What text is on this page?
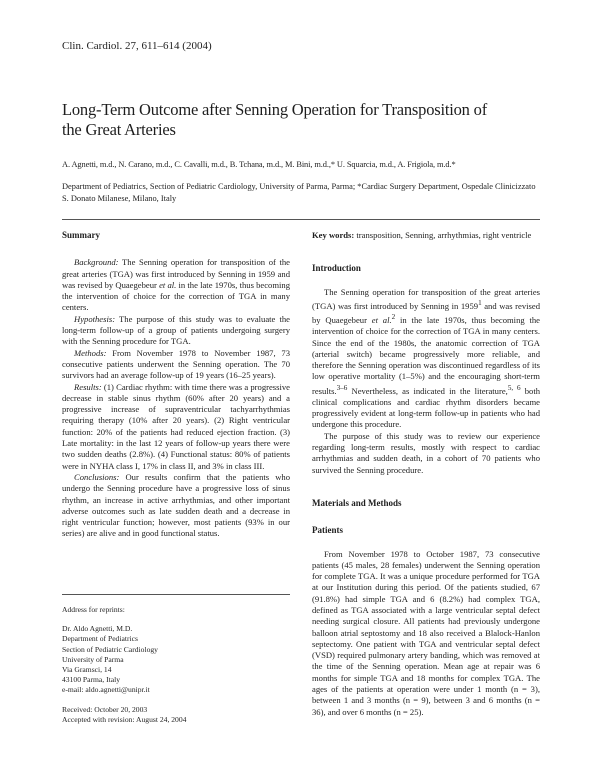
Clin. Cardiol. 27, 611–614 (2004)
Long-Term Outcome after Senning Operation for Transposition of
the Great Arteries
A. Agnetti, m.d., N. Carano, m.d., C. Cavalli, m.d., B. Tchana, m.d., M. Bini, m.d.,* U. Squarcia, m.d., A. Frigiola, m.d.*
Department of Pediatrics, Section of Pediatric Cardiology, University of Parma, Parma; *Cardiac Surgery Department, Ospedale Clinicizzato S. Donato Milanese, Milano, Italy
Summary

Background: The Senning operation for transposition of the great arteries (TGA) was first introduced by Senning in 1959 and was revised by Quaegebeur et al. in the late 1970s, thus becoming the intervention of choice for the correction of TGA in many centers.

Hypothesis: The purpose of this study was to evaluate the long-term follow-up of a group of patients undergoing surgery with the Senning procedure for TGA.

Methods: From November 1978 to November 1987, 73 consecutive patients underwent the Senning operation. The 70 survivors had an average follow-up of 19 years (16–25 years).

Results: (1) Cardiac rhythm: with time there was a progressive decrease in stable sinus rhythm (60% after 20 years) and a progressive increase of supraventricular tachyarrhythmias requiring therapy (10% after 20 years). (2) Right ventricular function: 20% of the patients had reduced ejection fraction. (3) Late mortality: in the last 12 years of follow-up years there were two sudden deaths (2.8%). (4) Functional status: 80% of patients were in NYHA class I, 17% in class II, and 3% in class III.

Conclusions: Our results confirm that the patients who undergo the Senning procedure have a progressive loss of sinus rhythm, an increase in active arrhythmias, and other important adverse outcomes such as late sudden death and a decrease in right ventricular function; however, most patients (93% in our series) are alive and in good functional status.

Address for reprints:

Dr. Aldo Agnetti, M.D.

Department of Pediatrics

Section of Pediatric Cardiology

University of Parma

Via Gramsci, 14

43100 Parma, Italy

e-mail: aldo.agnetti@unipr.it

Received: October 20, 2003

Accepted with revision: August 24, 2004

Key words: transposition, Senning, arrhythmias, right ventricle
Introduction

The Senning operation for transposition of the great arteries (TGA) was first introduced by Senning in 1959$^1$ and was revised by Quaegebeur et al.$^2$ in the late 1970s, thus becoming the intervention of choice for the correction of TGA in many centers. Since the end of the 1980s, the anatomic correction of TGA (arterial switch) became progressively more reliable, and therefore the Senning operation was discontinued regardless of its low operative mortality (1–5%) and the encouraging short-term results.$^{3-6}$ Nevertheless, as indicated in the literature,$^{5, 6}$ both clinical complications and cardiac rhythm disorders became progressively evident at long-term follow-up in patients who had undergone this procedure.

The purpose of this study was to review our experience regarding long-term results, mostly with respect to cardiac arrhythmias and sudden death, in a cohort of 70 patients who survived the Senning procedure.

Materials and Methods
Patients

From November 1978 to October 1987, 73 consecutive patients (45 males, 28 females) underwent the Senning operation for complete TGA. It was a unique procedure performed for TGA at our Institution during this period. Of the patients studied, 67 (91.8%) had simple TGA and 6 (8.2%) had complex TGA, defined as TGA associated with a large ventricular septal defect needing surgical closure. All patients had previously undergone balloon atrial septostomy and 18 also received a Blalock-Hanlon septectomy. One patient with TGA and ventricular septal defect (VSD) required pulmonary artery banding, which was removed at the time of the Senning operation. Mean age at repair was 6 months for simple TGA and 18 months for complex TGA. The ages of the patients at operation were under 1 month (n = 3), between 1 and 3 months (n = 9), between 3 and 6 months (n = 36), and over 6 months (n = 25).
